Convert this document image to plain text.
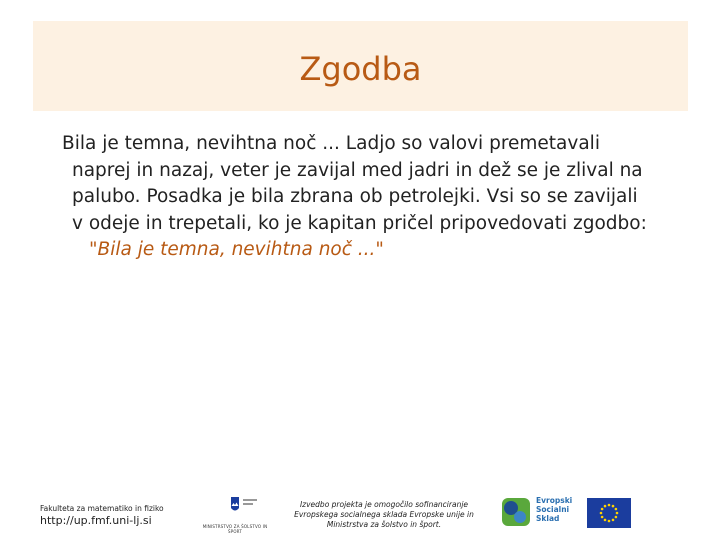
Zgodba
Bila je temna, nevihtna noč ... Ladjo so valovi premetavali
naprej in nazaj, veter je zavijal med jadri in dež se je zlival na
palubo. Posadka je bila zbrana ob petrolejki. Vsi so se zavijali
v odeje in trepetali, ko je kapitan pričel pripovedovati zgodbo:
"Bila je temna, nevihtna noč ..."
Fakulteta za matematiko in fiziko
http://up.fmf.uni-lj.si	MINISTRSTVO ZA ŠOLSTVO IN ŠPORT
Izvedbo projekta je omogočilo sofinanciranje
Evropskega socialnega sklada Evropske unije in
Ministrstva za šolstvo in šport.
Evropski
Socialni
Sklad
